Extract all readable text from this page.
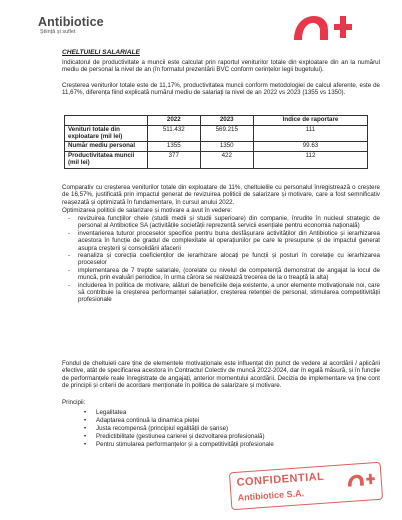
Antibiotice
Știință și suflet
CHELTUIELI SALARIALE
Indicatorul de productivitate a muncii este calculat prin raportul veniturilor totale din exploatare din an la numărul mediu de personal la nivel de an (în formatul prezentării BVC conform cerințelor legii bugetului).
Creșterea veniturilor totale este de 11,17%, productivitatea muncii conform metodologiei de calcul aferente, este de 11,67%, diferența fiind explicată numărul mediu de salariați la nivel de an 2022 vs 2023 (1355 vs 1350).
	2022	2023	Indice de raportare
Venituri totale din exploatare (mil lei)	511.432	569.215	111
Număr mediu personal	1355	1350	99.63
Productivitatea muncii (mil lei)	377	422	112
Comparativ cu creșterea veniturilor totale din exploatare de 11%, cheltuielile cu personalul înregistrează o creștere de 16,57%, justificată prin impactul generat de revizuirea politicii de salarizare și motivare, care a fost semnificativ reașezată și optimizată în fundamentare, în cursul anului 2022.
Optimizarea politicii de salarizare și motivare a avut în vedere:
- revizuirea funcțiilor cheie (studii medii și studii superioare) din companie, înrudite în nucleul strategic de personal al Antibiotice SA (activitățile societății reprezentă servicii esențiale pentru economia națională)
- inventarierea tuturor proceselor specifice pentru buna desfășurare activităților din Antibiotice și ierarhizarea acestora în funcție de gradul de complexitate al operațiunilor pe care le presupune și de impactul generat asupra creșterii și consolidării afacerii
- reanaliza și corecția coeficienților de ierarhizare alocați pe funcții și posturi în corelație cu ierarhizarea proceselor
- implementarea de 7 trepte salariale, (corelate cu nivelul de competență demonstrat de angajat la locul de muncă, prin evaluări periodice, în urma cărora se realizează trecerea de la o treaptă la alta)
- includerea în politica de motivare, alături de beneficiile deja existente, a unor elemente motivaționale noi, care să contribuie la creșterea performanței salariaților, creșterea retenției de personal, stimularea competitivității profesionale
Fondul de cheltuieli care ține de elementele motivaționale este influențat din punct de vedere al acordării / aplicării efective, atât de specificarea acestora în Contractul Colectiv de muncă 2022-2024, dar în egală măsură, și în funcție de performanțele reale înregistrate de angajați, anterior momentului acordării. Decizia de implementare va ține cont de principii și criterii de acordare menționate în politica de salarizare și motivare.
Principii:
• Legalitatea
• Adaptarea continuă la dinamica pieței
• Justa recompensă (principiul egalității de șanse)
• Predictibilitate (gestiunea carierei și dezvoltarea profesională)
• Pentru stimularea performanțelor și a competitivității profesionale
CONFIDENTIAL
Antibiotice S.A.
